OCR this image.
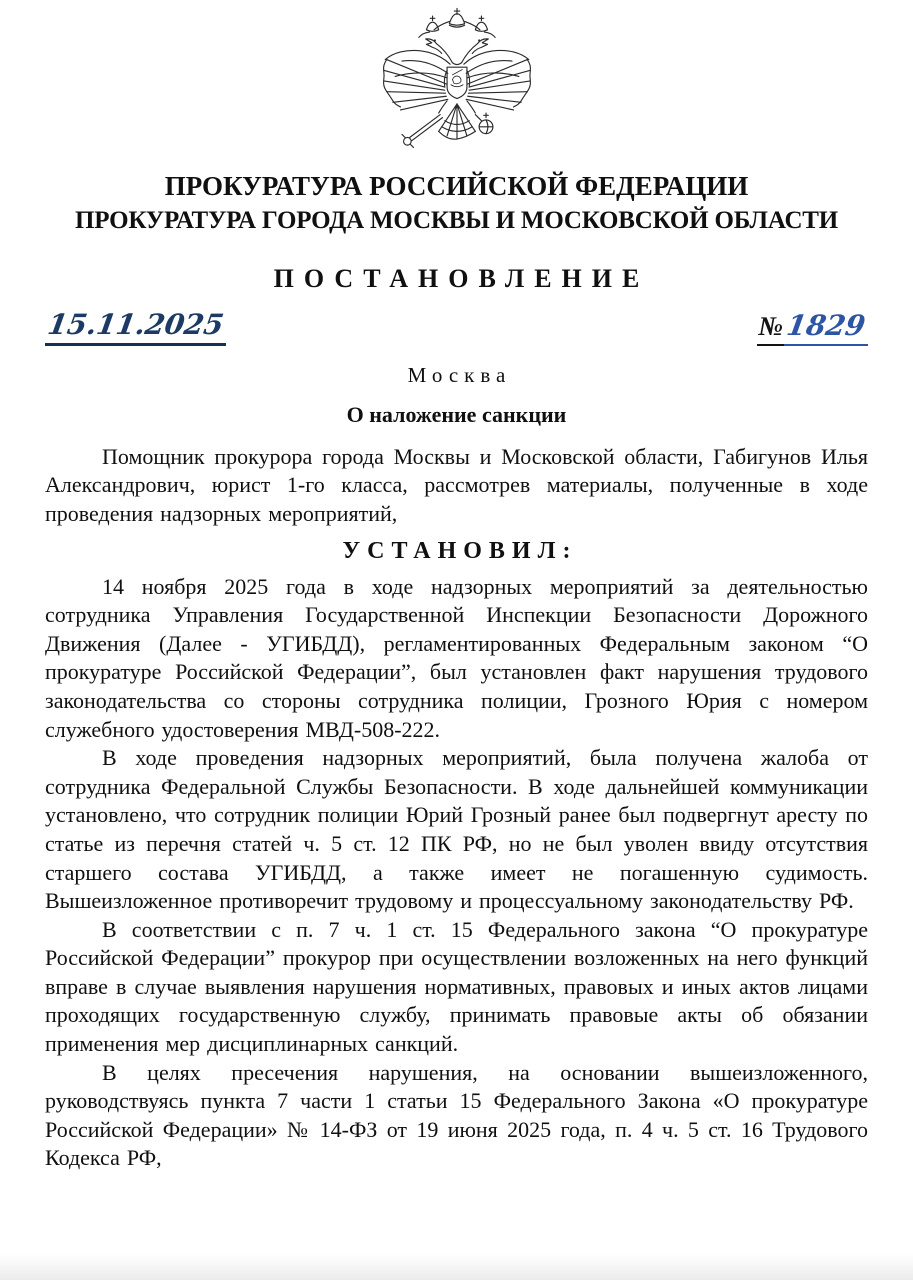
ПРОКУРАТУРА РОССИЙСКОЙ ФЕДЕРАЦИИ
ПРОКУРАТУРА ГОРОДА МОСКВЫ И МОСКОВСКОЙ ОБЛАСТИ
ПОСТАНОВЛЕНИЕ
15.11.2025	№ 1829
Москва
О наложение санкции

Помощник прокурора города Москвы и Московской области, Габигунов Илья Александрович, юрист 1-го класса, рассмотрев материалы, полученные в ходе проведения надзорных мероприятий,

УСТАНОВИЛ:

14 ноября 2025 года в ходе надзорных мероприятий за деятельностью сотрудника Управления Государственной Инспекции Безопасности Дорожного Движения (Далее - УГИБДД), регламентированных Федеральным законом “О прокуратуре Российской Федерации”, был установлен факт нарушения трудового законодательства со стороны сотрудника полиции, Грозного Юрия с номером служебного удостоверения МВД-508-222.

В ходе проведения надзорных мероприятий, была получена жалоба от сотрудника Федеральной Службы Безопасности. В ходе дальнейшей коммуникации установлено, что сотрудник полиции Юрий Грозный ранее был подвергнут аресту по статье из перечня статей ч. 5 ст. 12 ПК РФ, но не был уволен ввиду отсутствия старшего состава УГИБДД, а также имеет не погашенную судимость. Вышеизложенное противоречит трудовому и процессуальному законодательству РФ.

В соответствии с п. 7 ч. 1 ст. 15 Федерального закона “О прокуратуре Российской Федерации” прокурор при осуществлении возложенных на него функций вправе в случае выявления нарушения нормативных, правовых и иных актов лицами проходящих государственную службу, принимать правовые акты об обязании применения мер дисциплинарных санкций.

В целях пресечения нарушения, на основании вышеизложенного, руководствуясь пункта 7 части 1 статьи 15 Федерального Закона «О прокуратуре Российской Федерации» № 14-ФЗ от 19 июня 2025 года, п. 4 ч. 5 ст. 16 Трудового Кодекса РФ,
